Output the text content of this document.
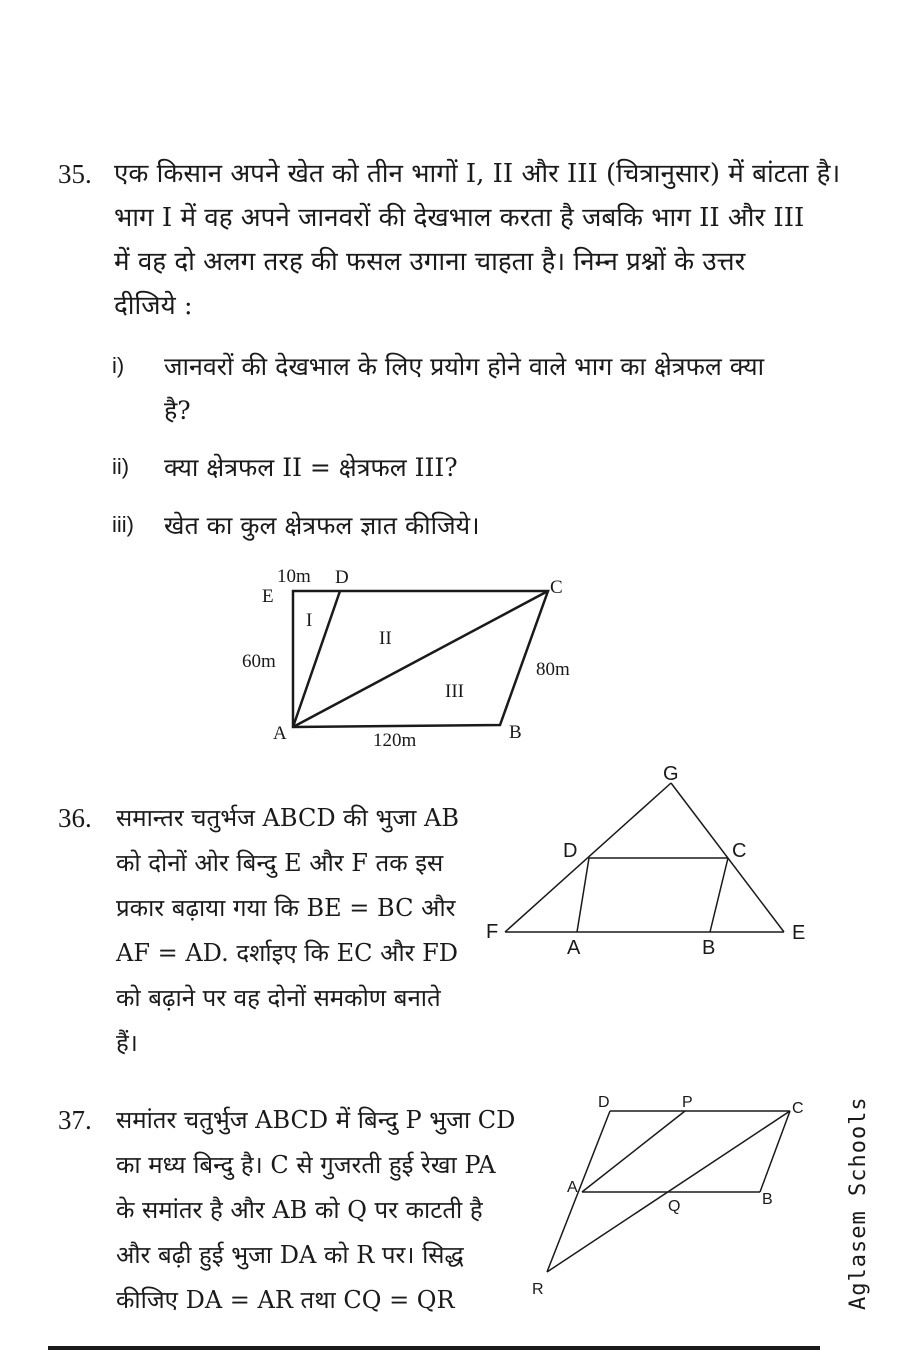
35. एक किसान अपने खेत को तीन भागों I, II और III (चित्रानुसार) में बांटता है।
भाग I में वह अपने जानवरों की देखभाल करता है जबकि भाग II और III
में वह दो अलग तरह की फसल उगाना चाहता है। निम्न प्रश्नों के उत्तर
दीजिये :
i) जानवरों की देखभाल के लिए प्रयोग होने वाले भाग का क्षेत्रफल क्या
है?
ii) क्या क्षेत्रफल II = क्षेत्रफल III?
iii) खेत का कुल क्षेत्रफल ज्ञात कीजिये।
10m D
E	C
I
II
60m	80m
III
A	B
120m
36. समान्तर चतुर्भज ABCD की भुजा AB
को दोनों ओर बिन्दु E और F तक इस
प्रकार बढ़ाया गया कि BE = BC और
AF = AD. दर्शाइए कि EC और FD
को बढ़ाने पर वह दोनों समकोण बनाते
हैं।
G
D	C
F
A	B
E
37. समांतर चतुर्भुज ABCD में बिन्दु P भुजा CD
का मध्य बिन्दु है। C से गुजरती हुई रेखा PA
के समांतर है और AB को Q पर काटती है
और बढ़ी हुई भुजा DA को R पर। सिद्ध
कीजिए DA = AR तथा CQ = QR
D	P	C
A
B
Q
R	Aglasem Schools
